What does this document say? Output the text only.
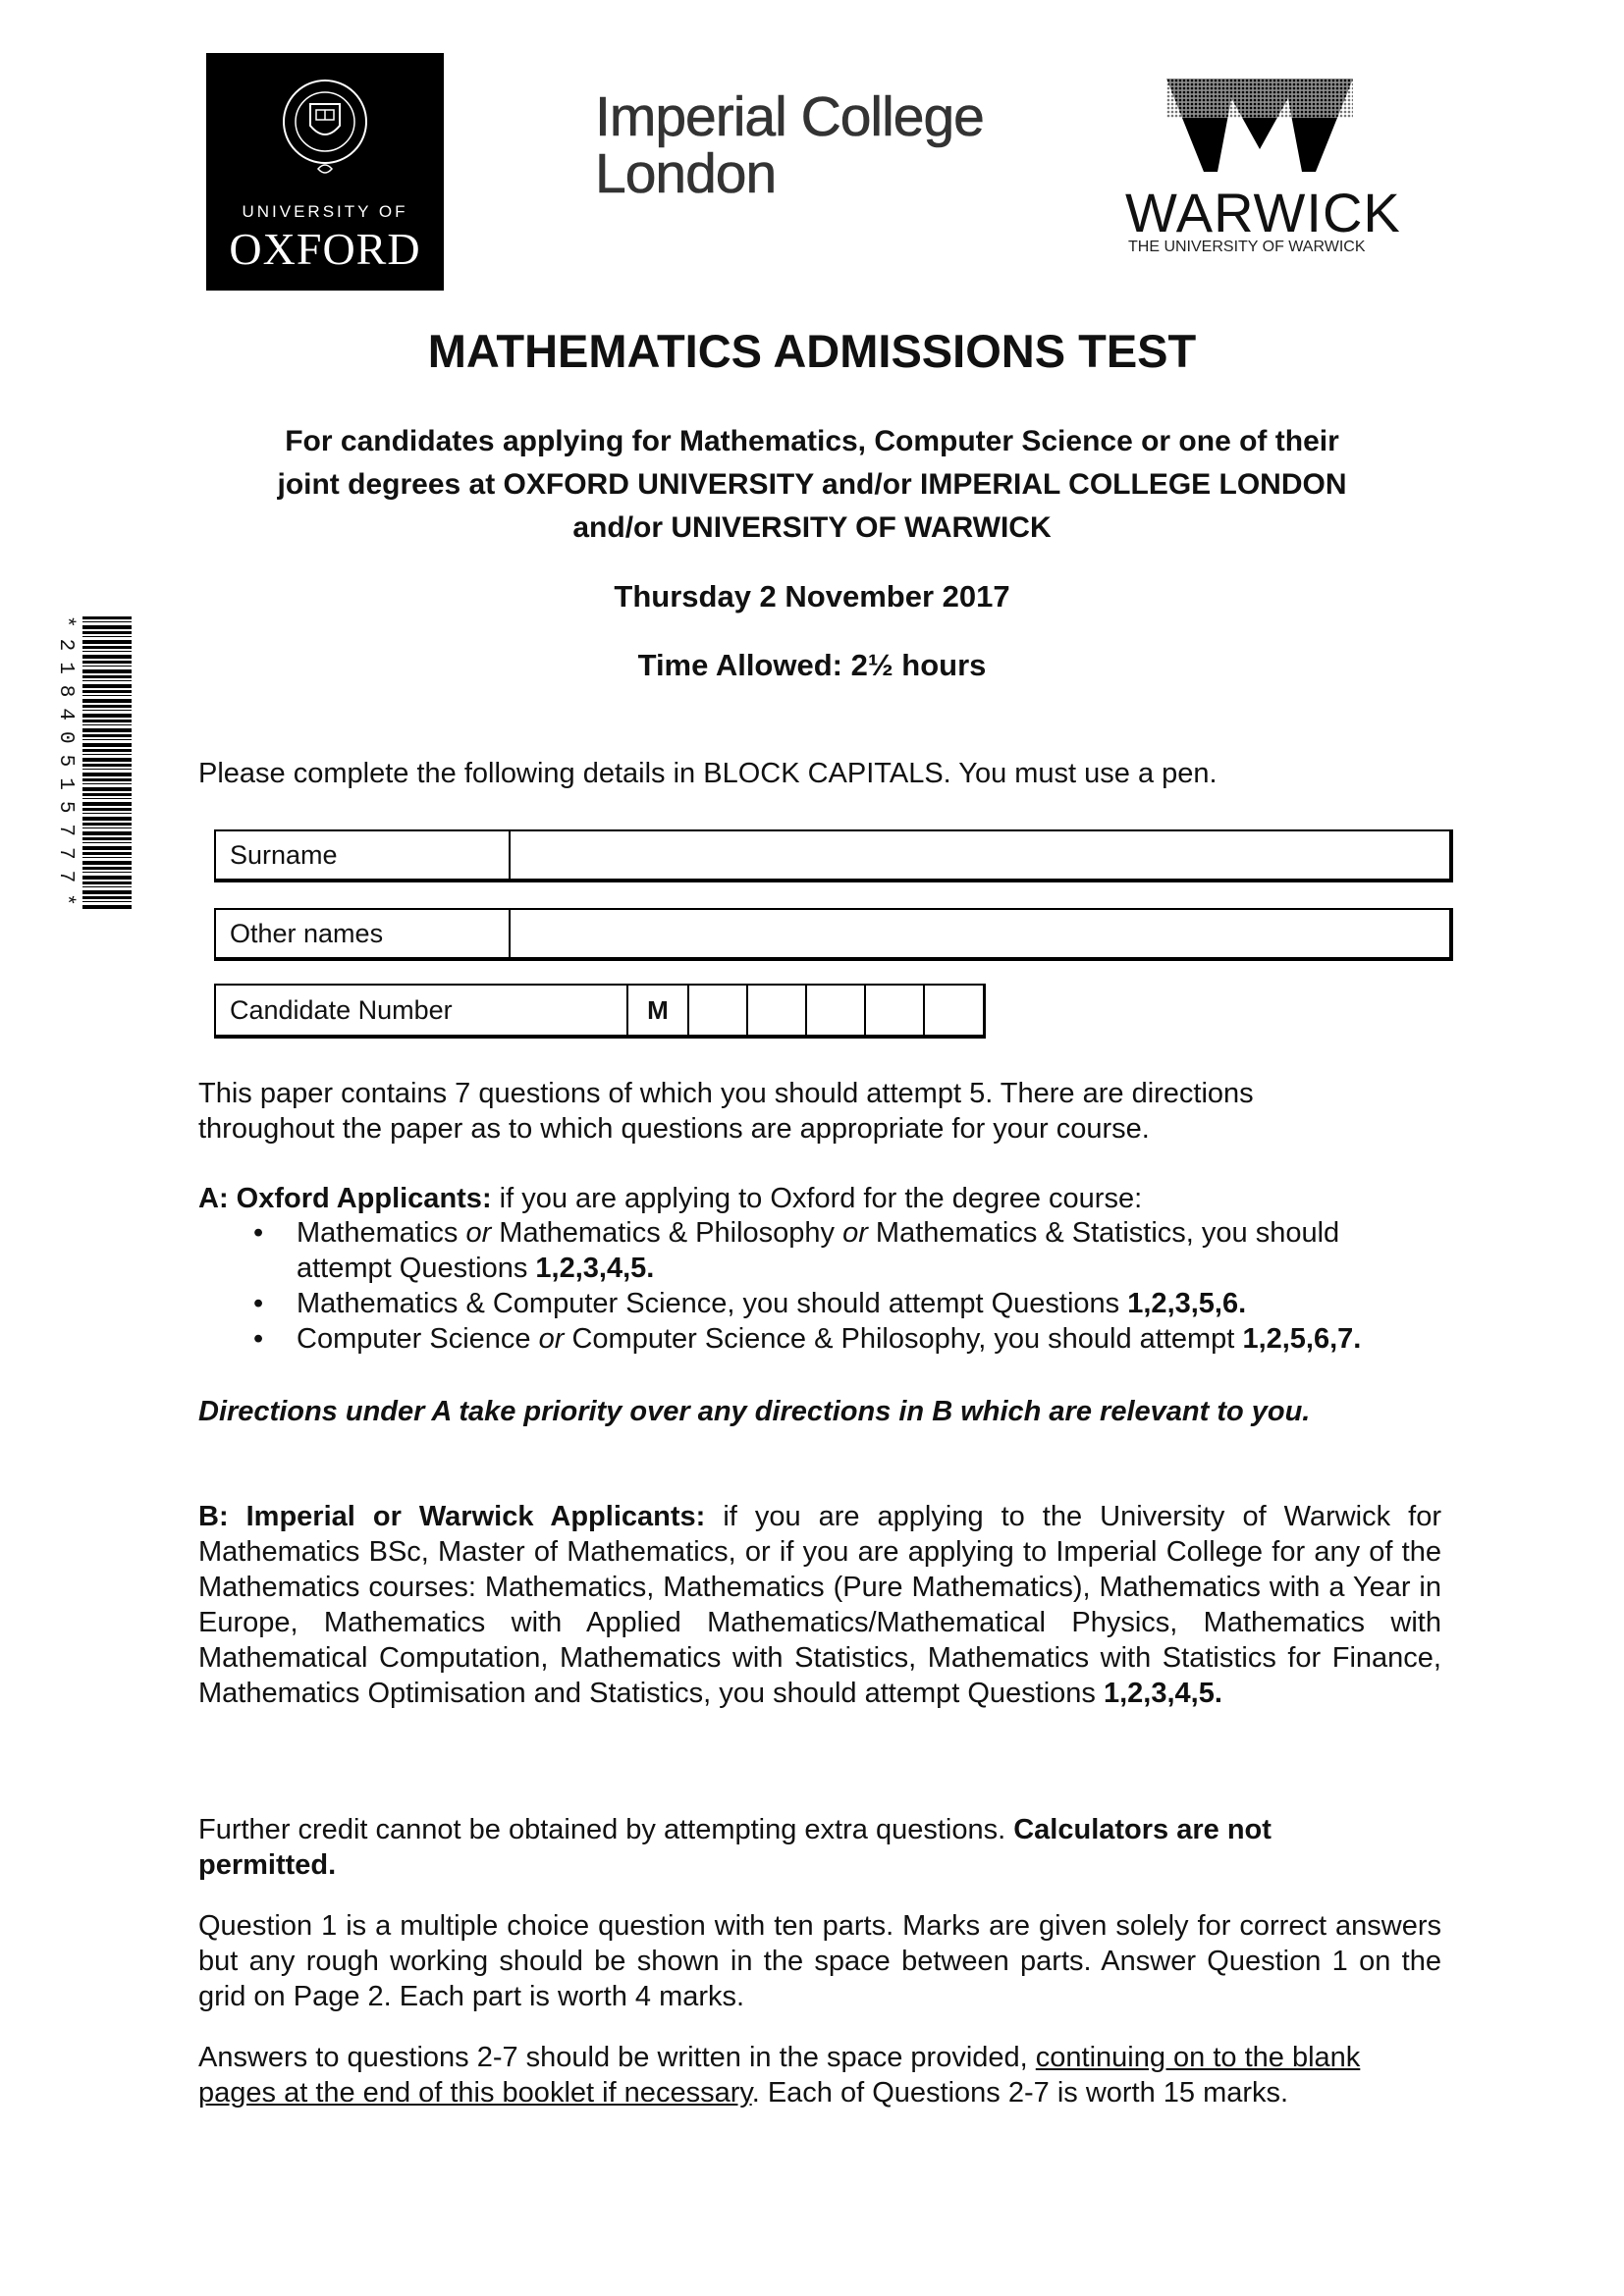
UNIVERSITY OF
OXFORD
Imperial College
London
WARWICK
THE UNIVERSITY OF WARWICK
*21840515777*
MATHEMATICS ADMISSIONS TEST
For candidates applying for Mathematics, Computer Science or one of their
joint degrees at OXFORD UNIVERSITY and/or IMPERIAL COLLEGE LONDON
and/or UNIVERSITY OF WARWICK
Thursday 2 November 2017
Time Allowed: 2½ hours
Please complete the following details in BLOCK CAPITALS. You must use a pen.
Surname
Other names
Candidate Number	M
This paper contains 7 questions of which you should attempt 5. There are directions
throughout the paper as to which questions are appropriate for your course.
A: Oxford Applicants: if you are applying to Oxford for the degree course:
• Mathematics or Mathematics & Philosophy or Mathematics & Statistics, you should
attempt Questions 1,2,3,4,5.
• Mathematics & Computer Science, you should attempt Questions 1,2,3,5,6.
• Computer Science or Computer Science & Philosophy, you should attempt 1,2,5,6,7.
Directions under A take priority over any directions in B which are relevant to you.
B: Imperial or Warwick Applicants: if you are applying to the University of Warwick for Mathematics BSc, Master of Mathematics, or if you are applying to Imperial College for any of the Mathematics courses: Mathematics, Mathematics (Pure Mathematics), Mathematics with a Year in Europe, Mathematics with Applied Mathematics/Mathematical Physics, Mathematics with Mathematical Computation, Mathematics with Statistics, Mathematics with Statistics for Finance, Mathematics Optimisation and Statistics, you should attempt Questions 1,2,3,4,5.
Further credit cannot be obtained by attempting extra questions. Calculators are not
permitted.
Question 1 is a multiple choice question with ten parts. Marks are given solely for correct answers but any rough working should be shown in the space between parts. Answer Question 1 on the grid on Page 2. Each part is worth 4 marks.
Answers to questions 2-7 should be written in the space provided, continuing on to the blank
pages at the end of this booklet if necessary. Each of Questions 2-7 is worth 15 marks.
